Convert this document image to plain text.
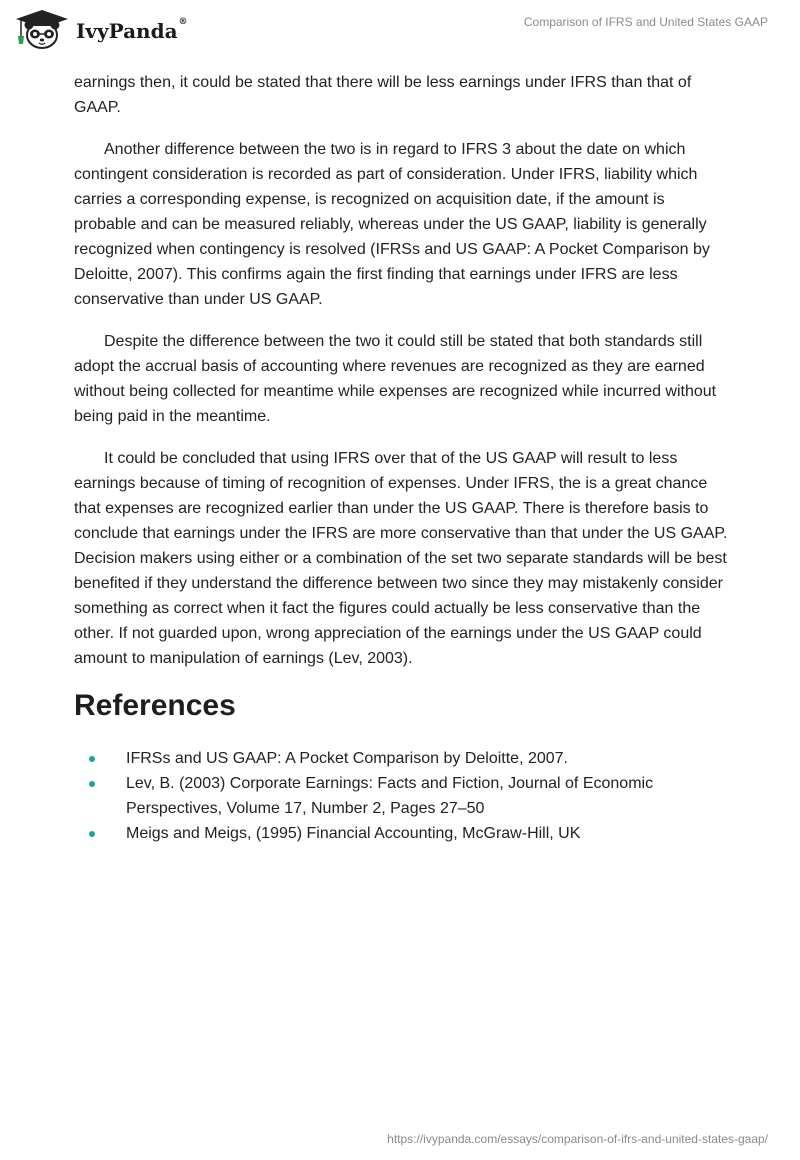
IvyPanda®	Comparison of IFRS and United States GAAP

earnings then, it could be stated that there will be less earnings under IFRS than that of GAAP.

Another difference between the two is in regard to IFRS 3 about the date on which contingent consideration is recorded as part of consideration. Under IFRS, liability which carries a corresponding expense, is recognized on acquisition date, if the amount is probable and can be measured reliably, whereas under the US GAAP, liability is generally recognized when contingency is resolved (IFRSs and US GAAP: A Pocket Comparison by Deloitte, 2007). This confirms again the first finding that earnings under IFRS are less conservative than under US GAAP.

Despite the difference between the two it could still be stated that both standards still adopt the accrual basis of accounting where revenues are recognized as they are earned without being collected for meantime while expenses are recognized while incurred without being paid in the meantime.

It could be concluded that using IFRS over that of the US GAAP will result to less earnings because of timing of recognition of expenses. Under IFRS, the is a great chance that expenses are recognized earlier than under the US GAAP. There is therefore basis to conclude that earnings under the IFRS are more conservative than that under the US GAAP. Decision makers using either or a combination of the set two separate standards will be best benefited if they understand the difference between two since they may mistakenly consider something as correct when it fact the figures could actually be less conservative than the other. If not guarded upon, wrong appreciation of the earnings under the US GAAP could amount to manipulation of earnings (Lev, 2003).

References
IFRSs and US GAAP: A Pocket Comparison by Deloitte, 2007.
Lev, B. (2003) Corporate Earnings: Facts and Fiction, Journal of Economic Perspectives, Volume 17, Number 2, Pages 27–50
Meigs and Meigs, (1995) Financial Accounting, McGraw-Hill, UK
https://ivypanda.com/essays/comparison-of-ifrs-and-united-states-gaap/
